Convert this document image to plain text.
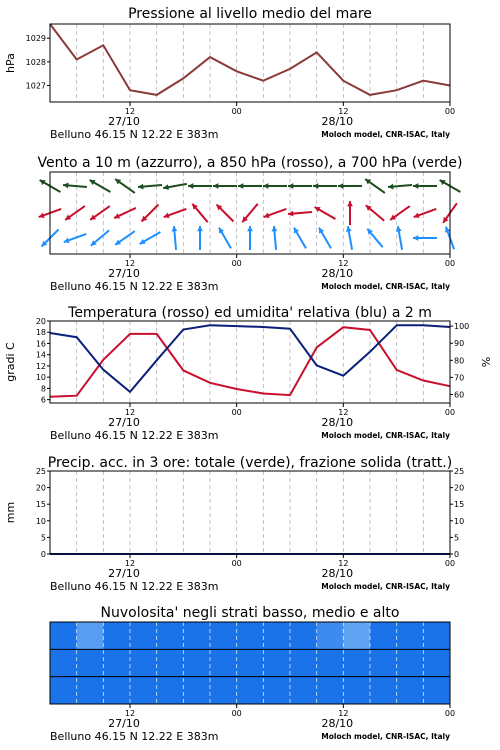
Pressione al livello medio del mare
1027
1028
1029
hPa
12	00	12	00
27/10	28/10
Belluno 46.15 N 12.22 E 383m	Moloch model, CNR-ISAC, Italy
Vento a 10 m (azzurro), a 850 hPa (rosso), a 700 hPa (verde)
12	00	12	00
27/10	28/10
Belluno 46.15 N 12.22 E 383m	Moloch model, CNR-ISAC, Italy
Temperatura (rosso) ed umidita' relativa (blu) a 2 m
6
8
10
12
14
16
18
20
60
70
80
90
100
gradi C	%
12	00	12	00
27/10	28/10
Belluno 46.15 N 12.22 E 383m	Moloch model, CNR-ISAC, Italy
Precip. acc. in 3 ore: totale (verde), frazione solida (tratt.)
0
5
10
15
20
25
0
5
10
15
20
25
mm
12	00	12	00
27/10	28/10
Belluno 46.15 N 12.22 E 383m	Moloch model, CNR-ISAC, Italy
Nuvolosita' negli strati basso, medio e alto
12	00	12	00
27/10	28/10
Belluno 46.15 N 12.22 E 383m	Moloch model, CNR-ISAC, Italy
